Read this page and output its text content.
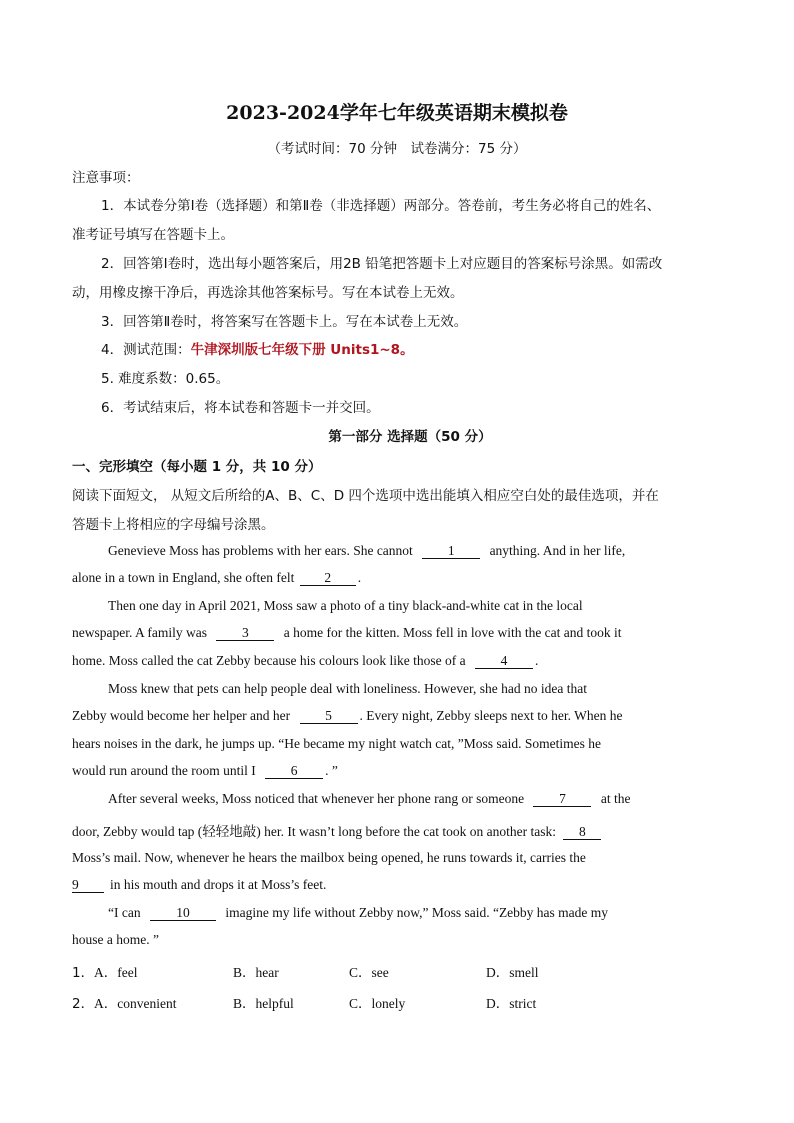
2023-2024学年七年级英语期末模拟卷
（考试时间：70 分钟　试卷满分：75 分）
注意事项：
1．本试卷分第Ⅰ卷（选择题）和第Ⅱ卷（非选择题）两部分。答卷前，考生务必将自己的姓名、
准考证号填写在答题卡上。
2．回答第Ⅰ卷时，选出每小题答案后，用2B 铅笔把答题卡上对应题目的答案标号涂黑。如需改
动，用橡皮擦干净后，再选涂其他答案标号。写在本试卷上无效。
3．回答第Ⅱ卷时，将答案写在答题卡上。写在本试卷上无效。
4．测试范围：牛津深圳版七年级下册 Units1~8。
5. 难度系数：0.65。
6．考试结束后，将本试卷和答题卡一并交回。
第一部分 选择题（50 分）
一、完形填空（每小题 1 分，共 10 分）
阅读下面短文， 从短文后所给的A、B、C、D 四个选项中选出能填入相应空白处的最佳选项，并在
答题卡上将相应的字母编号涂黑。
Genevieve Moss has problems with her ears. She cannot	1	anything. And in her life,
alone in a town in England, she often felt 2 .
Then one day in April 2021, Moss saw a photo of a tiny black-and-white cat in the local
newspaper. A family was	3	a home for the kitten. Moss fell in love with the cat and took it
home. Moss called the cat Zebby because his colours look like those of a	4 .
Moss knew that pets can help people deal with loneliness. However, she had no idea that
Zebby would become her helper and her	5 . Every night, Zebby sleeps next to her. When he
hears noises in the dark, he jumps up. “He became my night watch cat, ”Moss said. Sometimes he
would run around the room until I	6 . ”
After several weeks, Moss noticed that whenever her phone rang or someone	7	at the
door, Zebby would tap (轻轻地敲) her. It wasn’t long before the cat took on another task: 8
Moss’s mail. Now, whenever he hears the mailbox being opened, he runs towards it, carries the
9 in his mouth and drops it at Moss’s feet.
“I can	10	imagine my life without Zebby now,” Moss said. “Zebby has made my
house a home. ”
1． A．feel	B．hear	C．see	D．smell
2． A．convenient	B．helpful	C．lonely	D．strict
